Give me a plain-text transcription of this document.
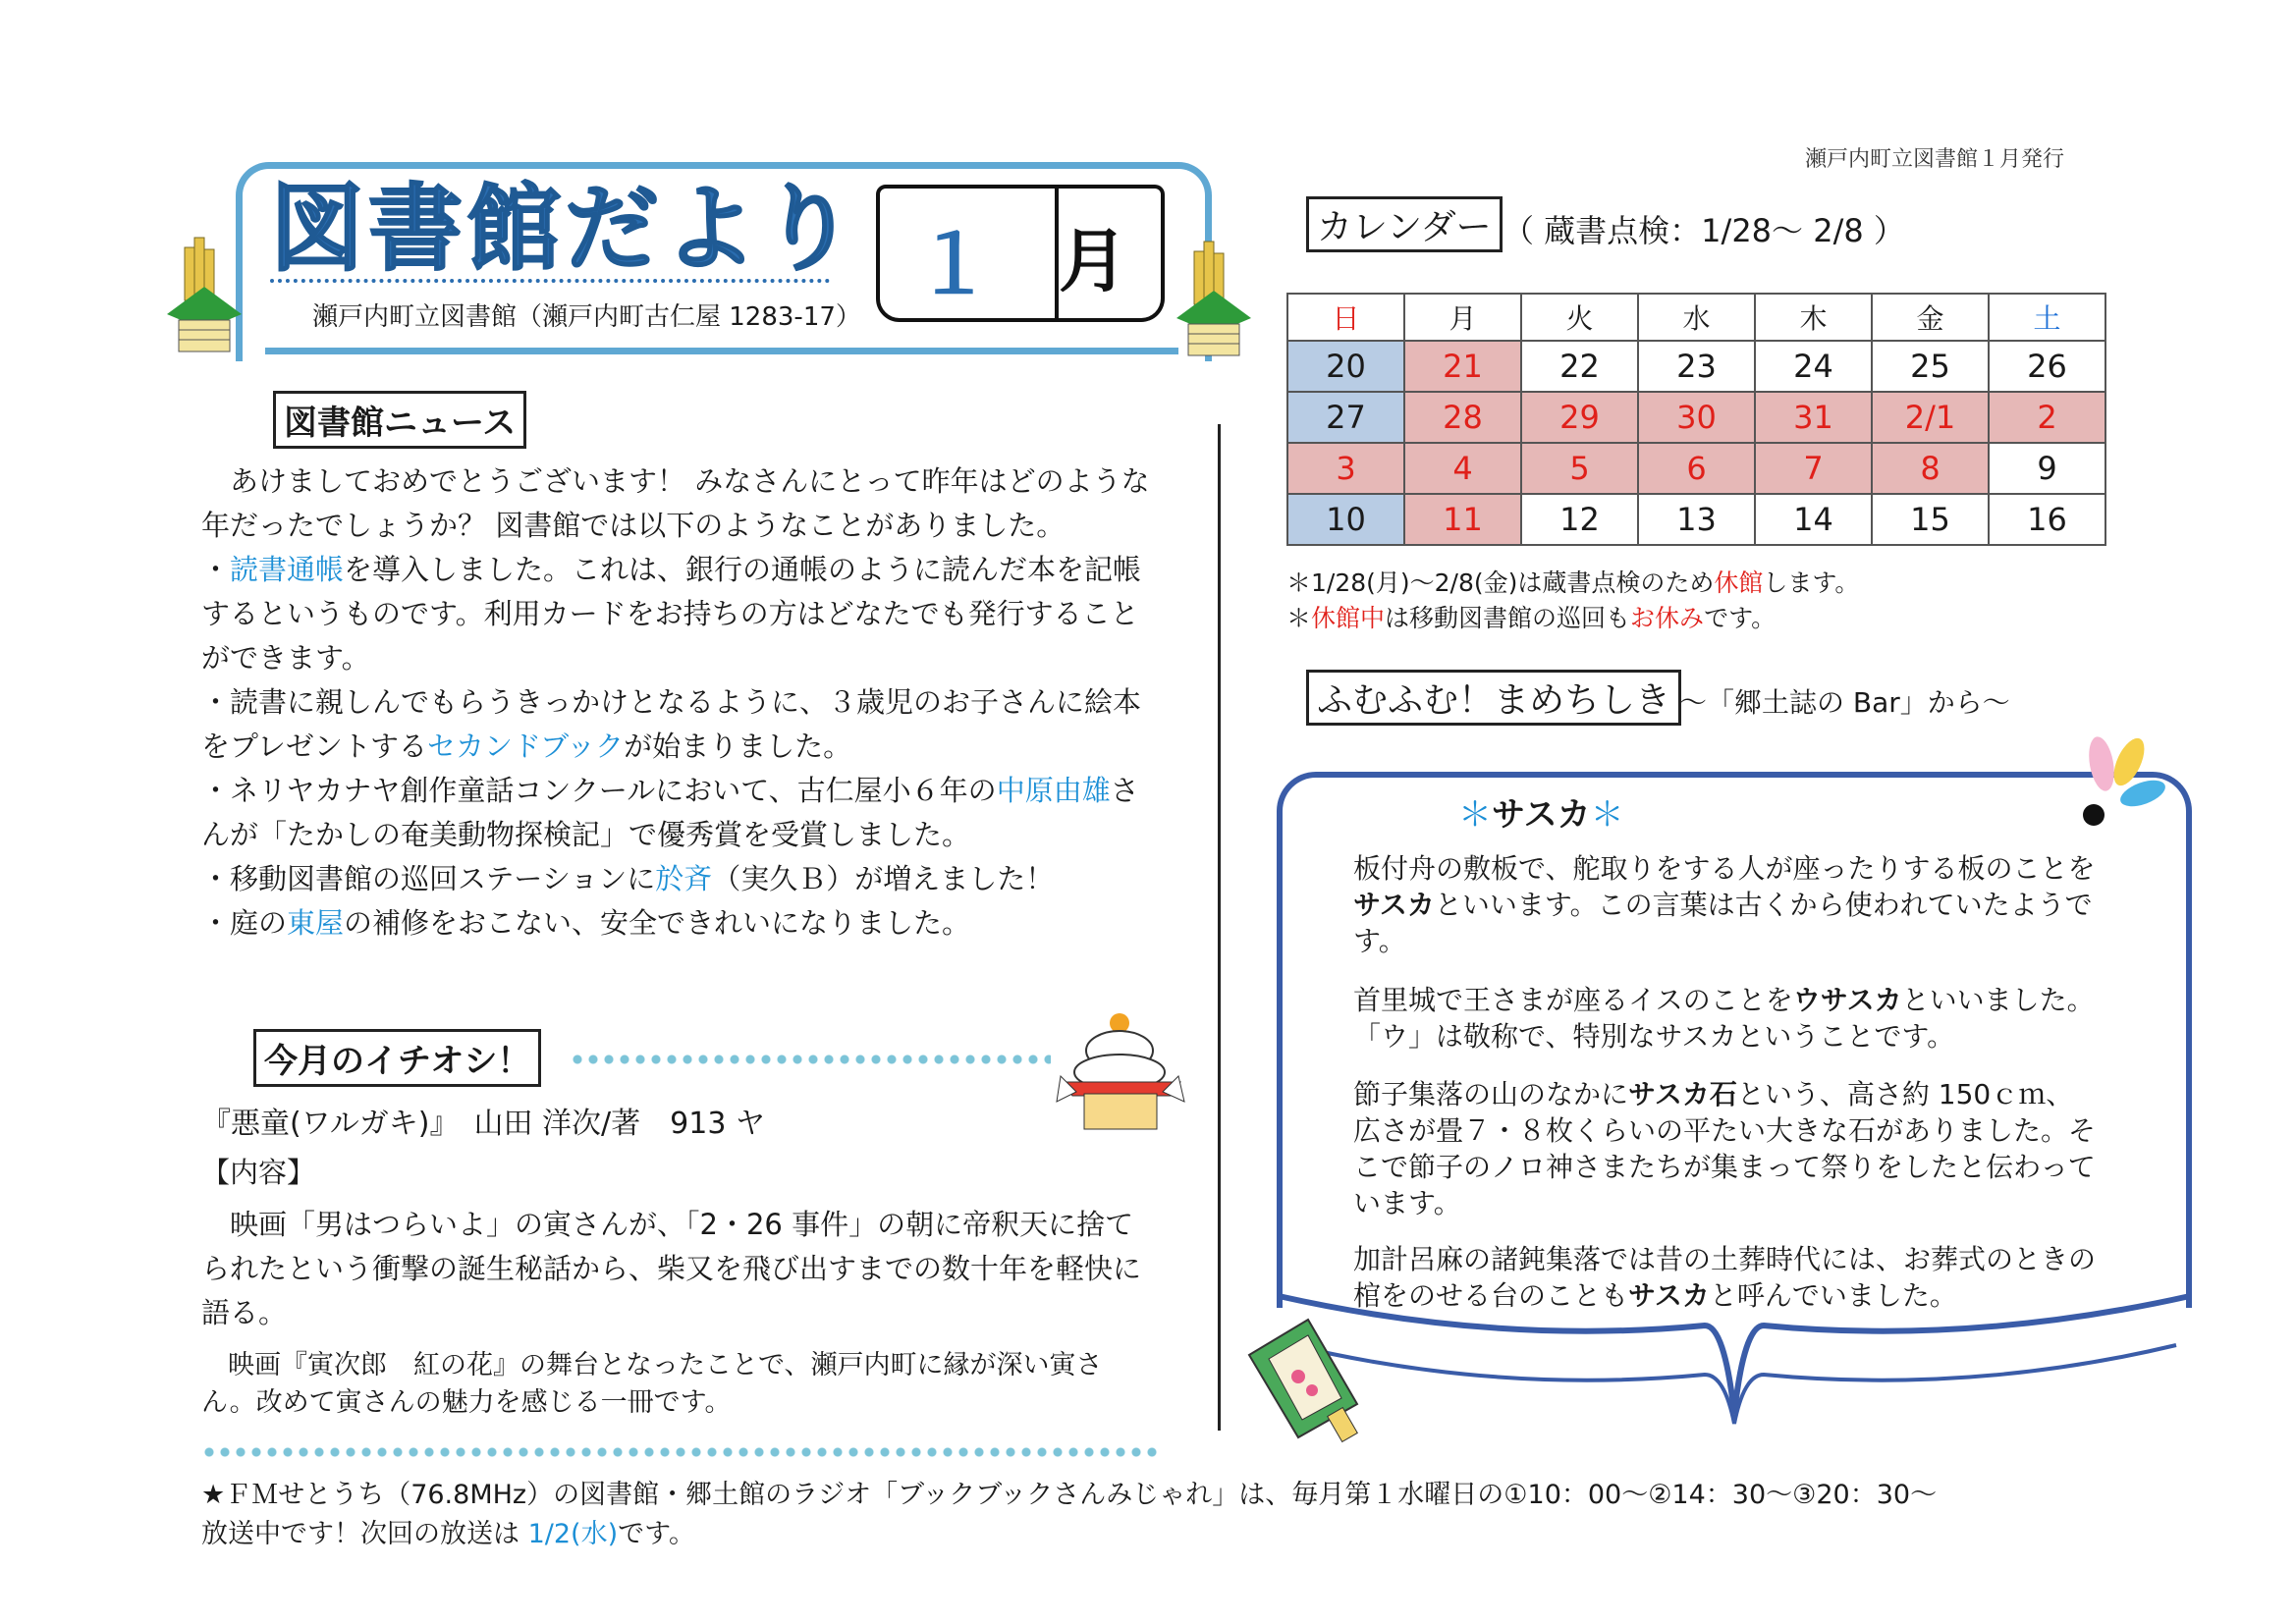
瀬戸内町立図書館１月発行
図書館だより
瀬戸内町立図書館（瀬戸内町古仁屋 1283-17）
１ 月
図書館ニュース
　あけましておめでとうございます！ みなさんにとって昨年はどのような年だったでしょうか？ 図書館では以下のようなことがありました。
・読書通帳を導入しました。これは、銀行の通帳のように読んだ本を記帳するというものです。利用カードをお持ちの方はどなたでも発行することができます。
・読書に親しんでもらうきっかけとなるように、３歳児のお子さんに絵本をプレゼントするセカンドブックが始まりました。
・ネリヤカナヤ創作童話コンクールにおいて、古仁屋小６年の中原由雄さんが「たかしの奄美動物探検記」で優秀賞を受賞しました。
・移動図書館の巡回ステーションに於斉（実久Ｂ）が増えました！
・庭の東屋の補修をおこない、安全できれいになりました。
今月のイチオシ！
『悪童(ワルガキ)』　山田 洋次/著　913 ヤ
【内容】
　映画「男はつらいよ」の寅さんが、「2・26 事件」の朝に帝釈天に捨てられたという衝撃の誕生秘話から、柴又を飛び出すまでの数十年を軽快に語る。
　映画『寅次郎　紅の花』の舞台となったことで、瀬戸内町に縁が深い寅さん。改めて寅さんの魅力を感じる一冊です。
カレンダー （ 蔵書点検：1/28～ 2/8 ）
日	月	火	水	木	金	土
20	21	22	23	24	25	26
27	28	29	30	31	2/1	2
3	4	5	6	7	8	9
10	11	12	13	14	15	16
＊1/28(月)～2/8(金)は蔵書点検のため休館します。
＊休館中は移動図書館の巡回もお休みです。
ふむふむ！まめちしき ～「郷土誌の Bar」から～
＊サスカ＊
板付舟の敷板で、舵取りをする人が座ったりする板のことをサスカといいます。この言葉は古くから使われていたようです。
首里城で王さまが座るイスのことをウサスカといいました。「ウ」は敬称で、特別なサスカということです。
節子集落の山のなかにサスカ石という、高さ約 150ｃｍ、広さが畳７・８枚くらいの平たい大きな石がありました。そこで節子のノロ神さまたちが集まって祭りをしたと伝わっています。
加計呂麻の諸鈍集落では昔の土葬時代には、お葬式のときの棺をのせる台のこともサスカと呼んでいました。
★ＦＭせとうち（76.8MHz）の図書館・郷土館のラジオ「ブックブックさんみじゃれ」は、毎月第１水曜日の①10：00～②14：30～③20：30～
放送中です！次回の放送は 1/2(水)です。
